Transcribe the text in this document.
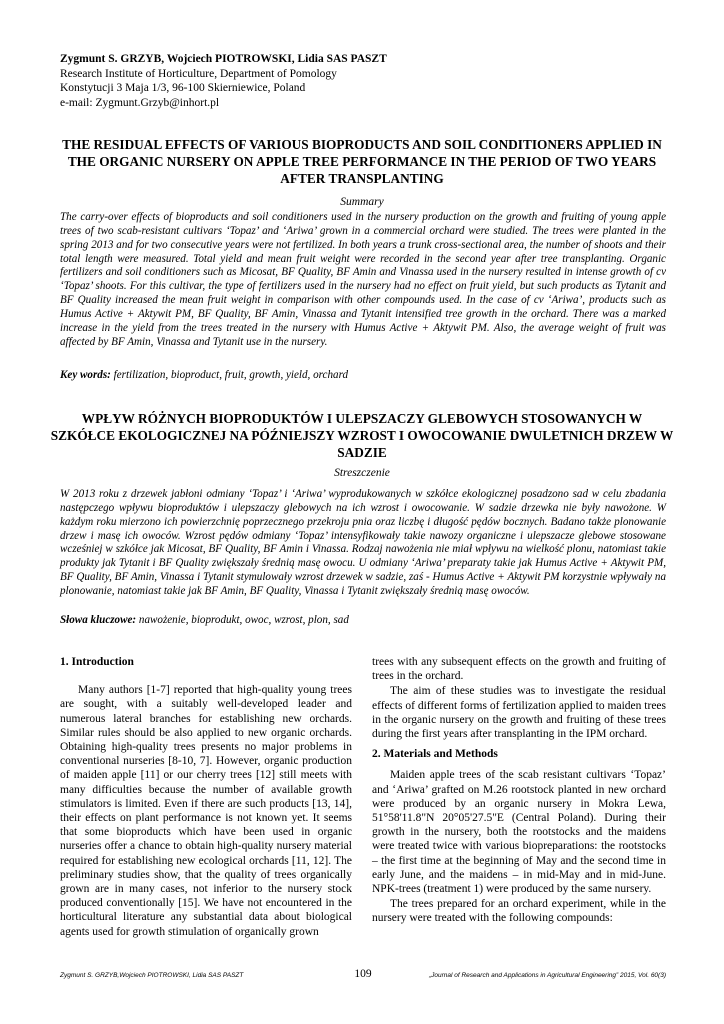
Zygmunt S. GRZYB, Wojciech PIOTROWSKI, Lidia SAS PASZT
Research Institute of Horticulture, Department of Pomology
Konstytucji 3 Maja 1/3, 96-100 Skierniewice, Poland
e-mail: Zygmunt.Grzyb@inhort.pl
THE RESIDUAL EFFECTS OF VARIOUS BIOPRODUCTS AND SOIL CONDITIONERS APPLIED IN THE ORGANIC NURSERY ON APPLE TREE PERFORMANCE IN THE PERIOD OF TWO YEARS AFTER TRANSPLANTING
Summary
The carry-over effects of bioproducts and soil conditioners used in the nursery production on the growth and fruiting of young apple trees of two scab-resistant cultivars ‘Topaz’ and ‘Ariwa’ grown in a commercial orchard were studied. The trees were planted in the spring 2013 and for two consecutive years were not fertilized. In both years a trunk cross-sectional area, the number of shoots and their total length were measured. Total yield and mean fruit weight were recorded in the second year after tree transplanting. Organic fertilizers and soil conditioners such as Micosat, BF Quality, BF Amin and Vinassa used in the nursery resulted in intense growth of cv ‘Topaz’ shoots. For this cultivar, the type of fertilizers used in the nursery had no effect on fruit yield, but such products as Tytanit and BF Quality increased the mean fruit weight in comparison with other compounds used. In the case of cv ‘Ariwa’, products such as Humus Active + Aktywit PM, BF Quality, BF Amin, Vinassa and Tytanit intensified tree growth in the orchard. There was a marked increase in the yield from the trees treated in the nursery with Humus Active + Aktywit PM. Also, the average weight of fruit was affected by BF Amin, Vinassa and Tytanit use in the nursery.
Key words: fertilization, bioproduct, fruit, growth, yield, orchard
WPŁYW RÓŻNYCH BIOPRODUKTÓW I ULEPSZACZY GLEBOWYCH STOSOWANYCH W SZKÓŁCE EKOLOGICZNEJ NA PÓŹNIEJSZY WZROST I OWOCOWANIE DWULETNICH DRZEW W SADZIE
Streszczenie
W 2013 roku z drzewek jabłoni odmiany ‘Topaz’ i ‘Ariwa’ wyprodukowanych w szkółce ekologicznej posadzono sad w celu zbadania następczego wpływu bioproduktów i ulepszaczy glebowych na ich wzrost i owocowanie. W sadzie drzewka nie były nawożone. W każdym roku mierzono ich powierzchnię poprzecznego przekroju pnia oraz liczbę i długość pędów bocznych. Badano także plonowanie drzew i masę ich owoców. Wzrost pędów odmiany ‘Topaz’ intensyfikowały takie nawozy organiczne i ulepszacze glebowe stosowane wcześniej w szkółce jak Micosat, BF Quality, BF Amin i Vinassa. Rodzaj nawożenia nie miał wpływu na wielkość plonu, natomiast takie produkty jak Tytanit i BF Quality zwiększały średnią masę owocu. U odmiany ‘Ariwa’ preparaty takie jak Humus Active + Aktywit PM, BF Quality, BF Amin, Vinassa i Tytanit stymulowały wzrost drzewek w sadzie, zaś - Humus Active + Aktywit PM korzystnie wpływały na plonowanie, natomiast takie jak BF Amin, BF Quality, Vinassa i Tytanit zwiększały średnią masę owoców.
Słowa kluczowe: nawożenie, bioprodukt, owoc, wzrost, plon, sad
1. Introduction

Many authors [1-7] reported that high-quality young trees are sought, with a suitably well-developed leader and numerous lateral branches for establishing new orchards. Similar rules should be also applied to new organic orchards. Obtaining high-quality trees presents no major problems in conventional nurseries [8-10, 7]. However, organic production of maiden apple [11] or our cherry trees [12] still meets with many difficulties because the number of available growth stimulators is limited. Even if there are such products [13, 14], their effects on plant performance is not known yet. It seems that some bioproducts which have been used in organic nurseries offer a chance to obtain high-quality nursery material required for establishing new ecological orchards [11, 12]. The preliminary studies show, that the quality of trees organically grown are in many cases, not inferior to the nursery stock produced conventionally [15]. We have not encountered in the horticultural literature any substantial data about biological agents used for growth stimulation of organically grown

trees with any subsequent effects on the growth and fruiting of trees in the orchard.

The aim of these studies was to investigate the residual effects of different forms of fertilization applied to maiden trees in the organic nursery on the growth and fruiting of these trees during the first years after transplanting in the IPM orchard.

2. Materials and Methods

Maiden apple trees of the scab resistant cultivars ‘Topaz’ and ‘Ariwa’ grafted on M.26 rootstock planted in new orchard were produced by an organic nursery in Mokra Lewa, 51°58'11.8"N 20°05'27.5"E (Central Poland). During their growth in the nursery, both the rootstocks and the maidens were treated twice with various biopreparations: the rootstocks – the first time at the beginning of May and the second time in early June, and the maidens – in mid-May and in mid-June. NPK-trees (treatment 1) were produced by the same nursery.

The trees prepared for an orchard experiment, while in the nursery were treated with the following compounds:

Zygmunt S. GRZYB,Wojciech PIOTROWSKI, Lidia SAS PASZT	109	„Journal of Research and Applications in Agricultural Engineering” 2015, Vol. 60(3)
